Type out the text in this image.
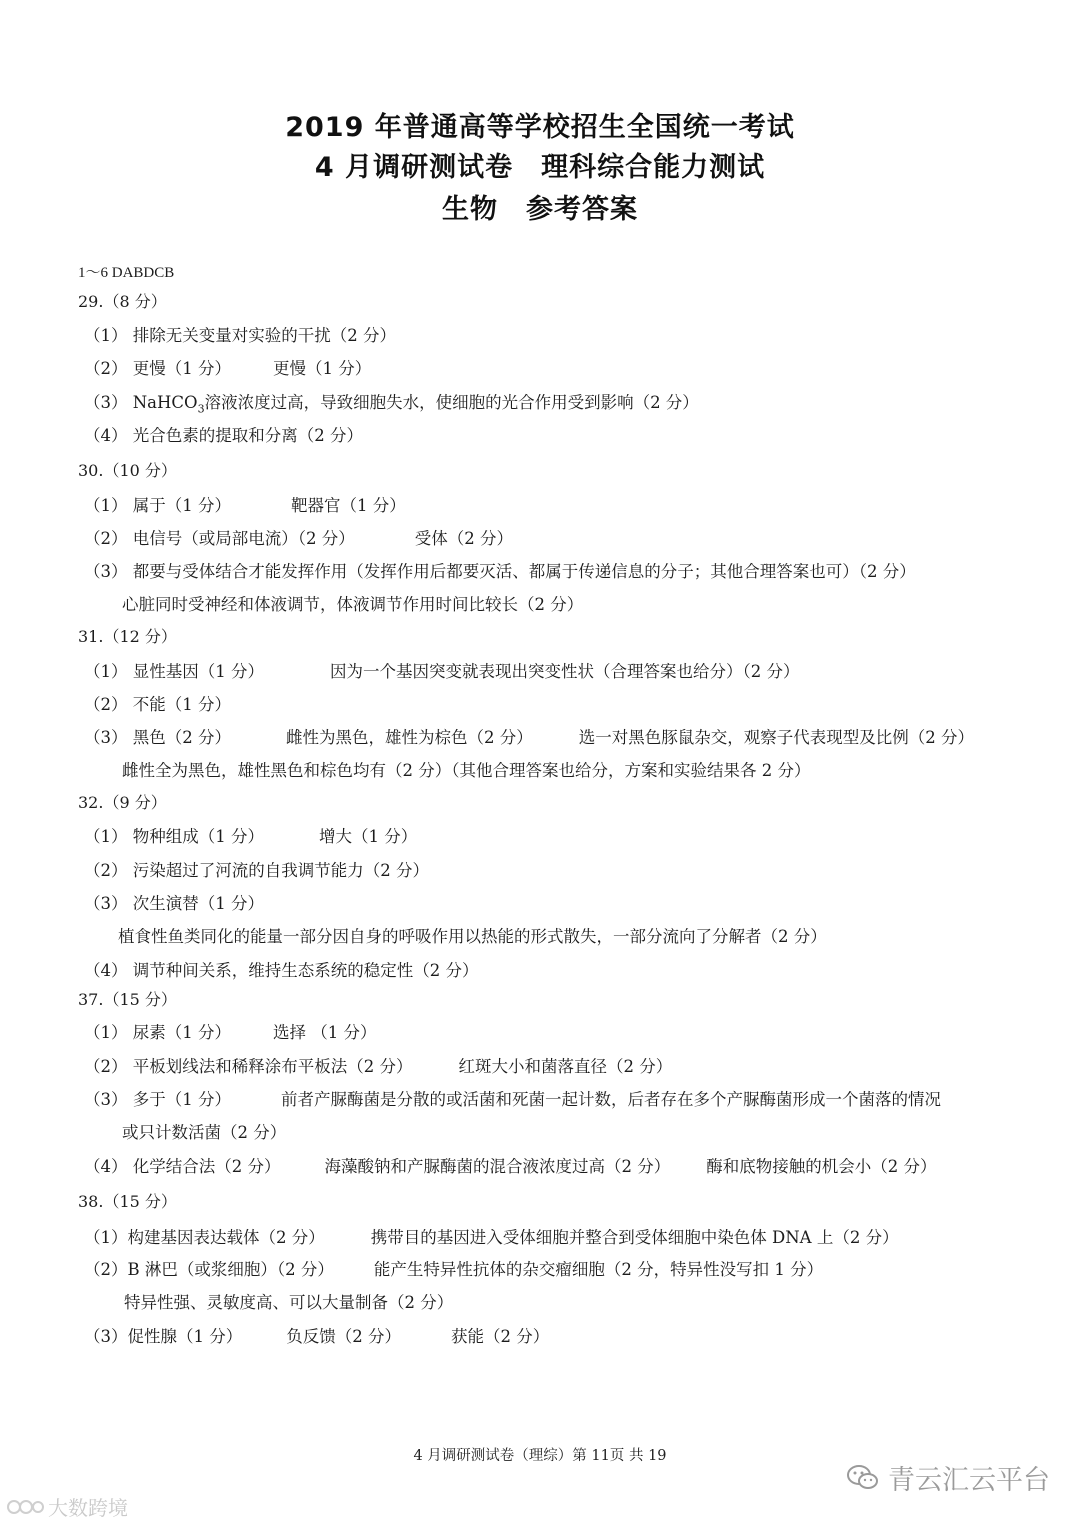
2019 年普通高等学校招生全国统一考试
4 月调研测试卷　理科综合能力测试
生物　参考答案
1～6 DABDCB
29.（8 分）
（1） 排除无关变量对实验的干扰（2 分）
（2） 更慢（1 分）	更慢（1 分）
（3） NaHCO$_3$溶液浓度过高，导致细胞失水，使细胞的光合作用受到影响（2 分）
（4） 光合色素的提取和分离（2 分）
30.（10 分）
（1） 属于（1 分）	靶器官（1 分）
（2） 电信号（或局部电流）（2 分）	受体（2 分）
（3） 都要与受体结合才能发挥作用（发挥作用后都要灭活、都属于传递信息的分子；其他合理答案也可）（2 分）
心脏同时受神经和体液调节，体液调节作用时间比较长（2 分）
31.（12 分）
（1） 显性基因（1 分）	因为一个基因突变就表现出突变性状（合理答案也给分）（2 分）
（2） 不能（1 分）
（3） 黑色（2 分）	雌性为黑色，雄性为棕色（2 分）	选一对黑色豚鼠杂交，观察子代表现型及比例（2 分）
雌性全为黑色，雄性黑色和棕色均有（2 分）（其他合理答案也给分，方案和实验结果各 2 分）
32.（9 分）
（1） 物种组成（1 分）	增大（1 分）
（2） 污染超过了河流的自我调节能力（2 分）
（3） 次生演替（1 分）
植食性鱼类同化的能量一部分因自身的呼吸作用以热能的形式散失，一部分流向了分解者（2 分）
（4） 调节种间关系，维持生态系统的稳定性（2 分）
37.（15 分）
（1） 尿素（1 分）	选择 （1 分）
（2） 平板划线法和稀释涂布平板法（2 分）	红斑大小和菌落直径（2 分）
（3） 多于（1 分）	前者产脲酶菌是分散的或活菌和死菌一起计数，后者存在多个产脲酶菌形成一个菌落的情况
或只计数活菌（2 分）
（4） 化学结合法（2 分）	海藻酸钠和产脲酶菌的混合液浓度过高（2 分） 酶和底物接触的机会小（2 分）
38.（15 分）
（1）构建基因表达载体（2 分）	携带目的基因进入受体细胞并整合到受体细胞中染色体 DNA 上（2 分）
（2）B 淋巴（或浆细胞）（2 分） 能产生特异性抗体的杂交瘤细胞（2 分，特异性没写扣 1 分）
特异性强、灵敏度高、可以大量制备（2 分）
（3）促性腺（1 分）	负反馈（2 分）	获能（2 分）
4 月调研测试卷（理综）第 11页 共 19
大数跨境
青云汇云平台
